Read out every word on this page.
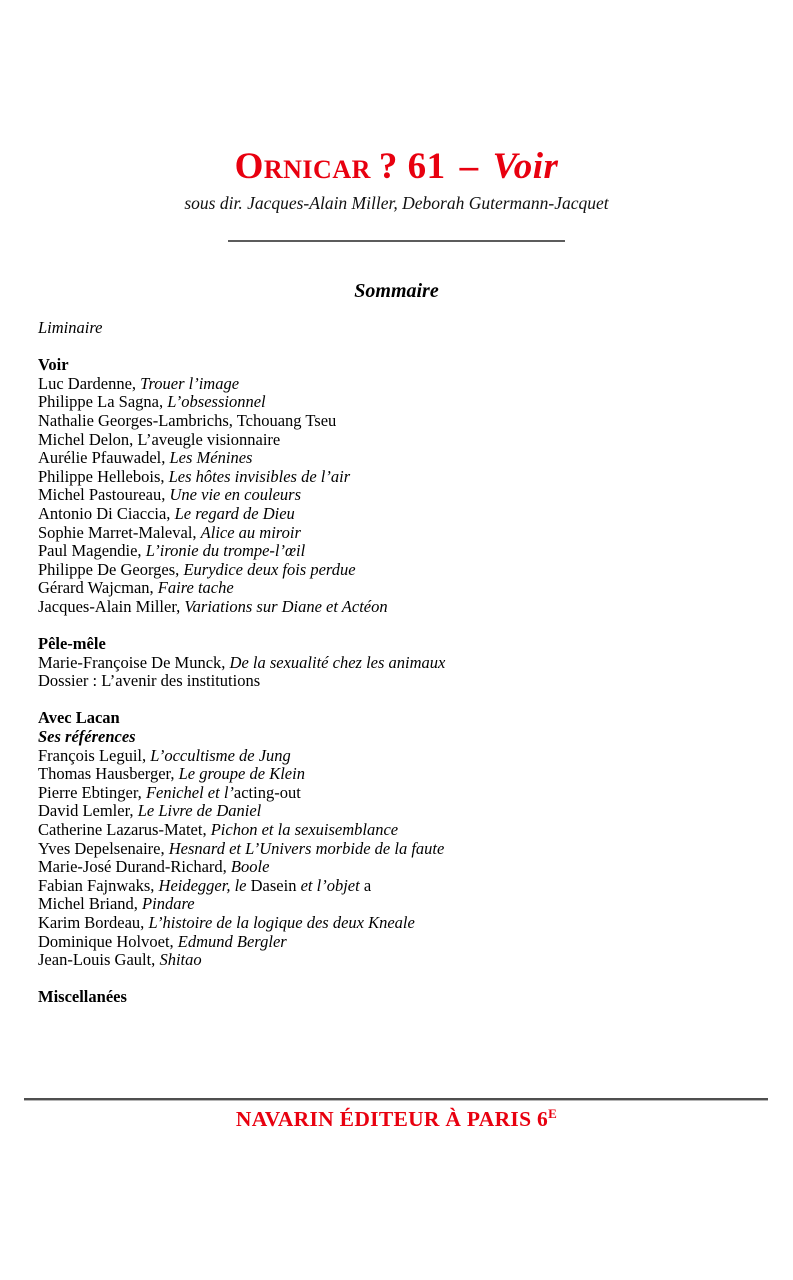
Ornicar ? 61 – Voir
sous dir. Jacques-Alain Miller, Deborah Gutermann-Jacquet
Sommaire
Liminaire
Voir
Luc Dardenne, Trouer l’image
Philippe La Sagna, L’obsessionnel
Nathalie Georges-Lambrichs, Tchouang Tseu
Michel Delon, L’aveugle visionnaire
Aurélie Pfauwadel, Les Ménines
Philippe Hellebois, Les hôtes invisibles de l’air
Michel Pastoureau, Une vie en couleurs
Antonio Di Ciaccia, Le regard de Dieu
Sophie Marret-Maleval, Alice au miroir
Paul Magendie, L’ironie du trompe-l’œil
Philippe De Georges, Eurydice deux fois perdue
Gérard Wajcman, Faire tache
Jacques-Alain Miller, Variations sur Diane et Actéon
Pêle-mêle
Marie-Françoise De Munck, De la sexualité chez les animaux
Dossier : L’avenir des institutions
Avec Lacan
Ses références
François Leguil, L’occultisme de Jung
Thomas Hausberger, Le groupe de Klein
Pierre Ebtinger, Fenichel et l’acting-out
David Lemler, Le Livre de Daniel
Catherine Lazarus-Matet, Pichon et la sexuisemblance
Yves Depelsenaire, Hesnard et L’Univers morbide de la faute
Marie-José Durand-Richard, Boole
Fabian Fajnwaks, Heidegger, le Dasein et l’objet a
Michel Briand, Pindare
Karim Bordeau, L’histoire de la logique des deux Kneale
Dominique Holvoet, Edmund Bergler
Jean-Louis Gault, Shitao
Miscellanées
NAVARIN ÉDITEUR À PARIS $6^E$
